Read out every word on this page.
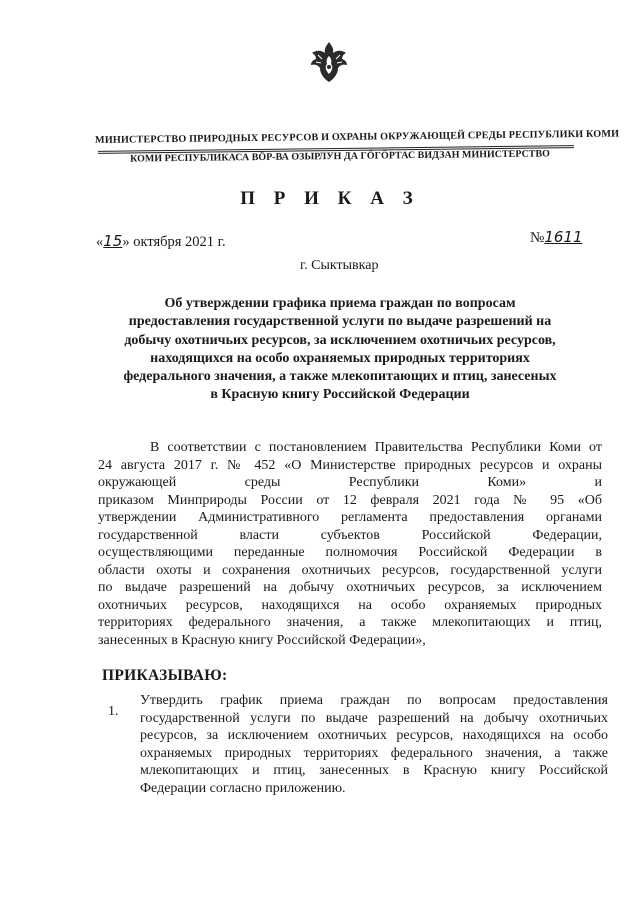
МИНИСТЕРСТВО ПРИРОДНЫХ РЕСУРСОВ И ОХРАНЫ ОКРУЖАЮЩЕЙ СРЕДЫ РЕСПУБЛИКИ КОМИ
КОМИ РЕСПУБЛИКАСА ВӦР-ВА ОЗЫРЛУН ДА ГӦГӦРТАС ВИДЗАН МИНИСТЕРСТВО
П Р И К А З
«15» октября 2021 г.	№1611
г. Сыктывкар
Об утверждении графика приема граждан по вопросам
предоставления государственной услуги по выдаче разрешений на
добычу охотничьих ресурсов, за исключением охотничьих ресурсов,
находящихся на особо охраняемых природных территориях
федерального значения, а также млекопитающих и птиц, занесеных
в Красную книгу Российской Федерации
В соответствии с постановлением Правительства Республики Коми от
24 августа 2017 г. № 452 «О Министерстве природных ресурсов и охраны
окружающей среды Республики Коми» и
приказом Минприроды России от 12 февраля 2021 года № 95 «Об
утверждении Административного регламента предоставления органами
государственной власти субъектов Российской Федерации,
осуществляющими переданные полномочия Российской Федерации в
области охоты и сохранения охотничьих ресурсов, государственной услуги
по выдаче разрешений на добычу охотничьих ресурсов, за исключением
охотничьих ресурсов, находящихся на особо охраняемых природных
территориях федерального значения, а также млекопитающих и птиц,
занесенных в Красную книгу Российской Федерации»,
ПРИКАЗЫВАЮ:
1.
Утвердить график приема граждан по вопросам предоставления
государственной услуги по выдаче разрешений на добычу охотничьих
ресурсов, за исключением охотничьих ресурсов, находящихся на особо
охраняемых природных территориях федерального значения, а также
млекопитающих и птиц, занесенных в Красную книгу Российской
Федерации согласно приложению.
